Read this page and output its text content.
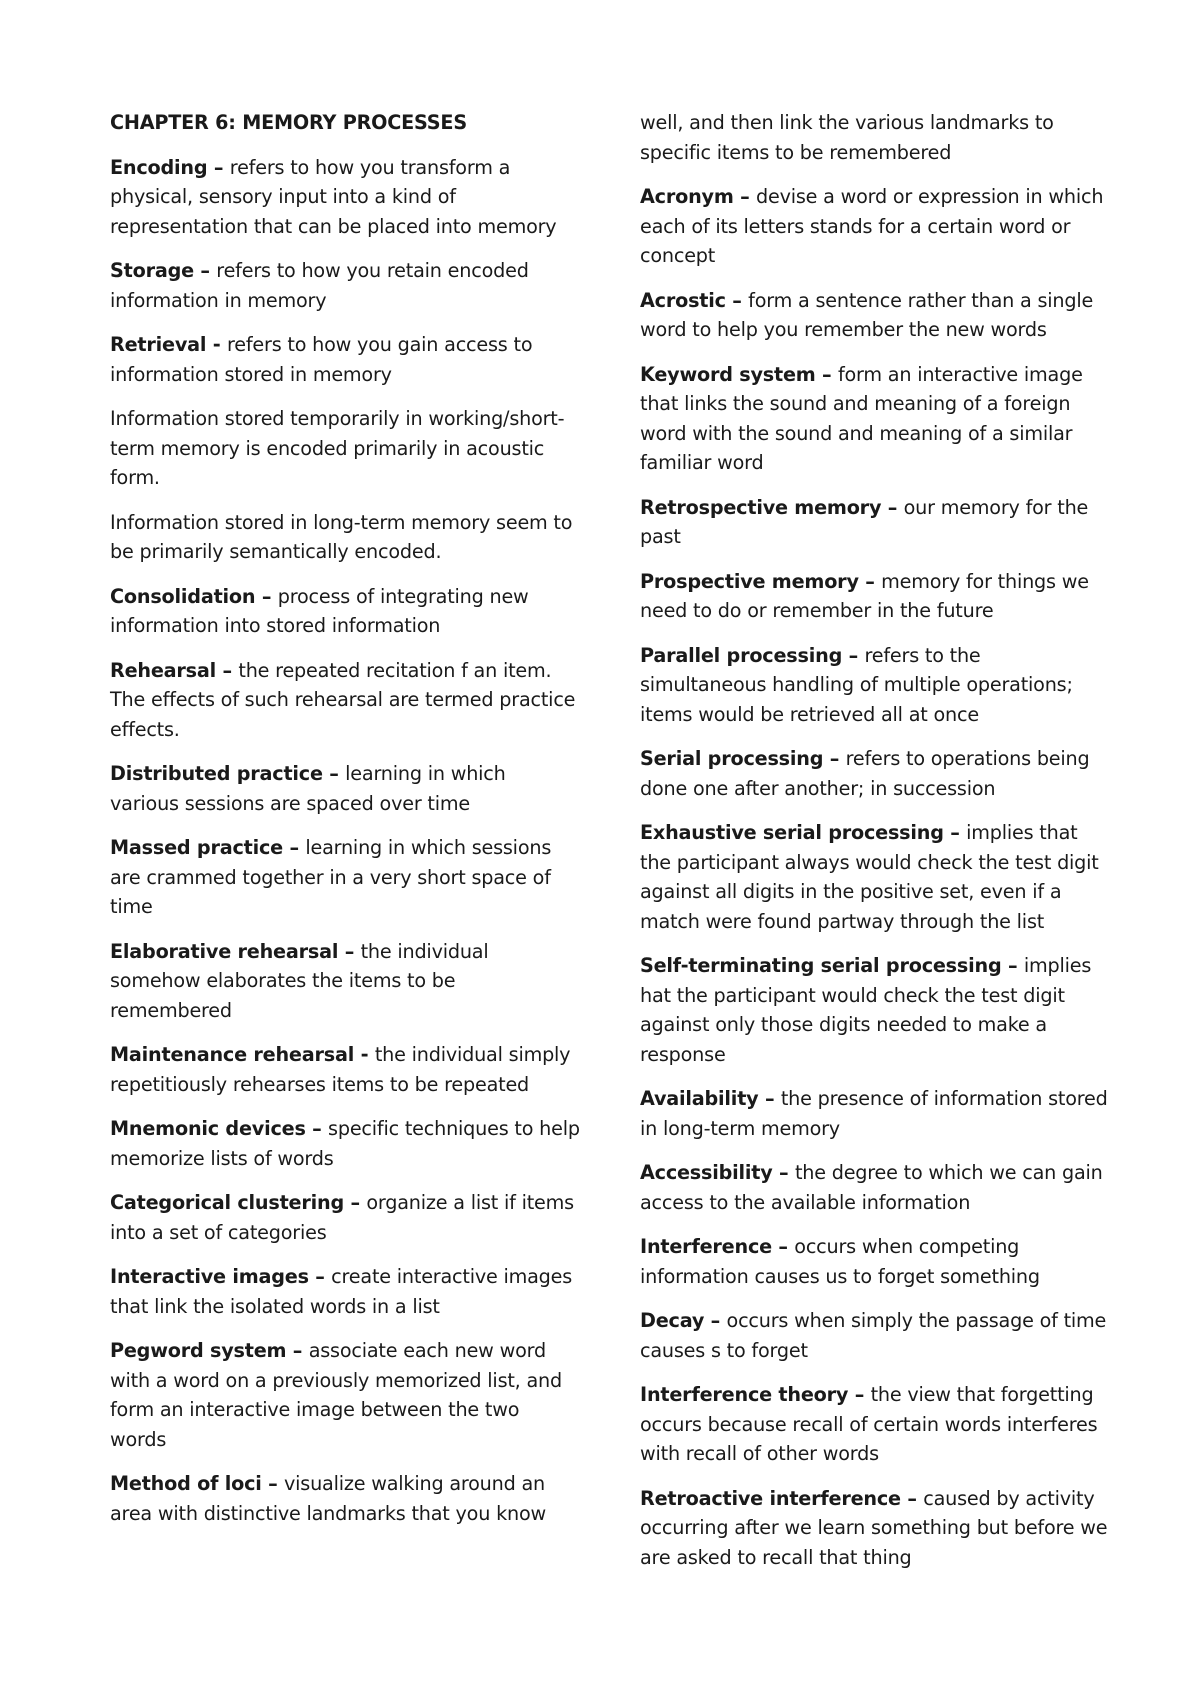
CHAPTER 6: MEMORY PROCESSES
Encoding – refers to how you transform a physical, sensory input into a kind of representation that can be placed into memory
Storage – refers to how you retain encoded information in memory
Retrieval - refers to how you gain access to information stored in memory
Information stored temporarily in working/short-term memory is encoded primarily in acoustic form.
Information stored in long-term memory seem to be primarily semantically encoded.
Consolidation – process of integrating new information into stored information
Rehearsal – the repeated recitation f an item. The effects of such rehearsal are termed practice effects.
Distributed practice – learning in which various sessions are spaced over time
Massed practice – learning in which sessions are crammed together in a very short space of time
Elaborative rehearsal – the individual somehow elaborates the items to be remembered
Maintenance rehearsal - the individual simply repetitiously rehearses items to be repeated
Mnemonic devices – specific techniques to help memorize lists of words
Categorical clustering – organize a list if items into a set of categories
Interactive images – create interactive images that link the isolated words in a list
Pegword system – associate each new word with a word on a previously memorized list, and form an interactive image between the two words
Method of loci – visualize walking around an area with distinctive landmarks that you know
well, and then link the various landmarks to specific items to be remembered
Acronym – devise a word or expression in which each of its letters stands for a certain word or concept
Acrostic – form a sentence rather than a single word to help you remember the new words
Keyword system – form an interactive image that links the sound and meaning of a foreign word with the sound and meaning of a similar familiar word
Retrospective memory – our memory for the past
Prospective memory – memory for things we need to do or remember in the future
Parallel processing – refers to the simultaneous handling of multiple operations; items would be retrieved all at once
Serial processing – refers to operations being done one after another; in succession
Exhaustive serial processing – implies that the participant always would check the test digit against all digits in the positive set, even if a match were found partway through the list
Self-terminating serial processing – implies hat the participant would check the test digit against only those digits needed to make a response
Availability – the presence of information stored in long-term memory
Accessibility – the degree to which we can gain access to the available information
Interference – occurs when competing information causes us to forget something
Decay – occurs when simply the passage of time causes s to forget
Interference theory – the view that forgetting occurs because recall of certain words interferes with recall of other words
Retroactive interference – caused by activity occurring after we learn something but before we are asked to recall that thing
